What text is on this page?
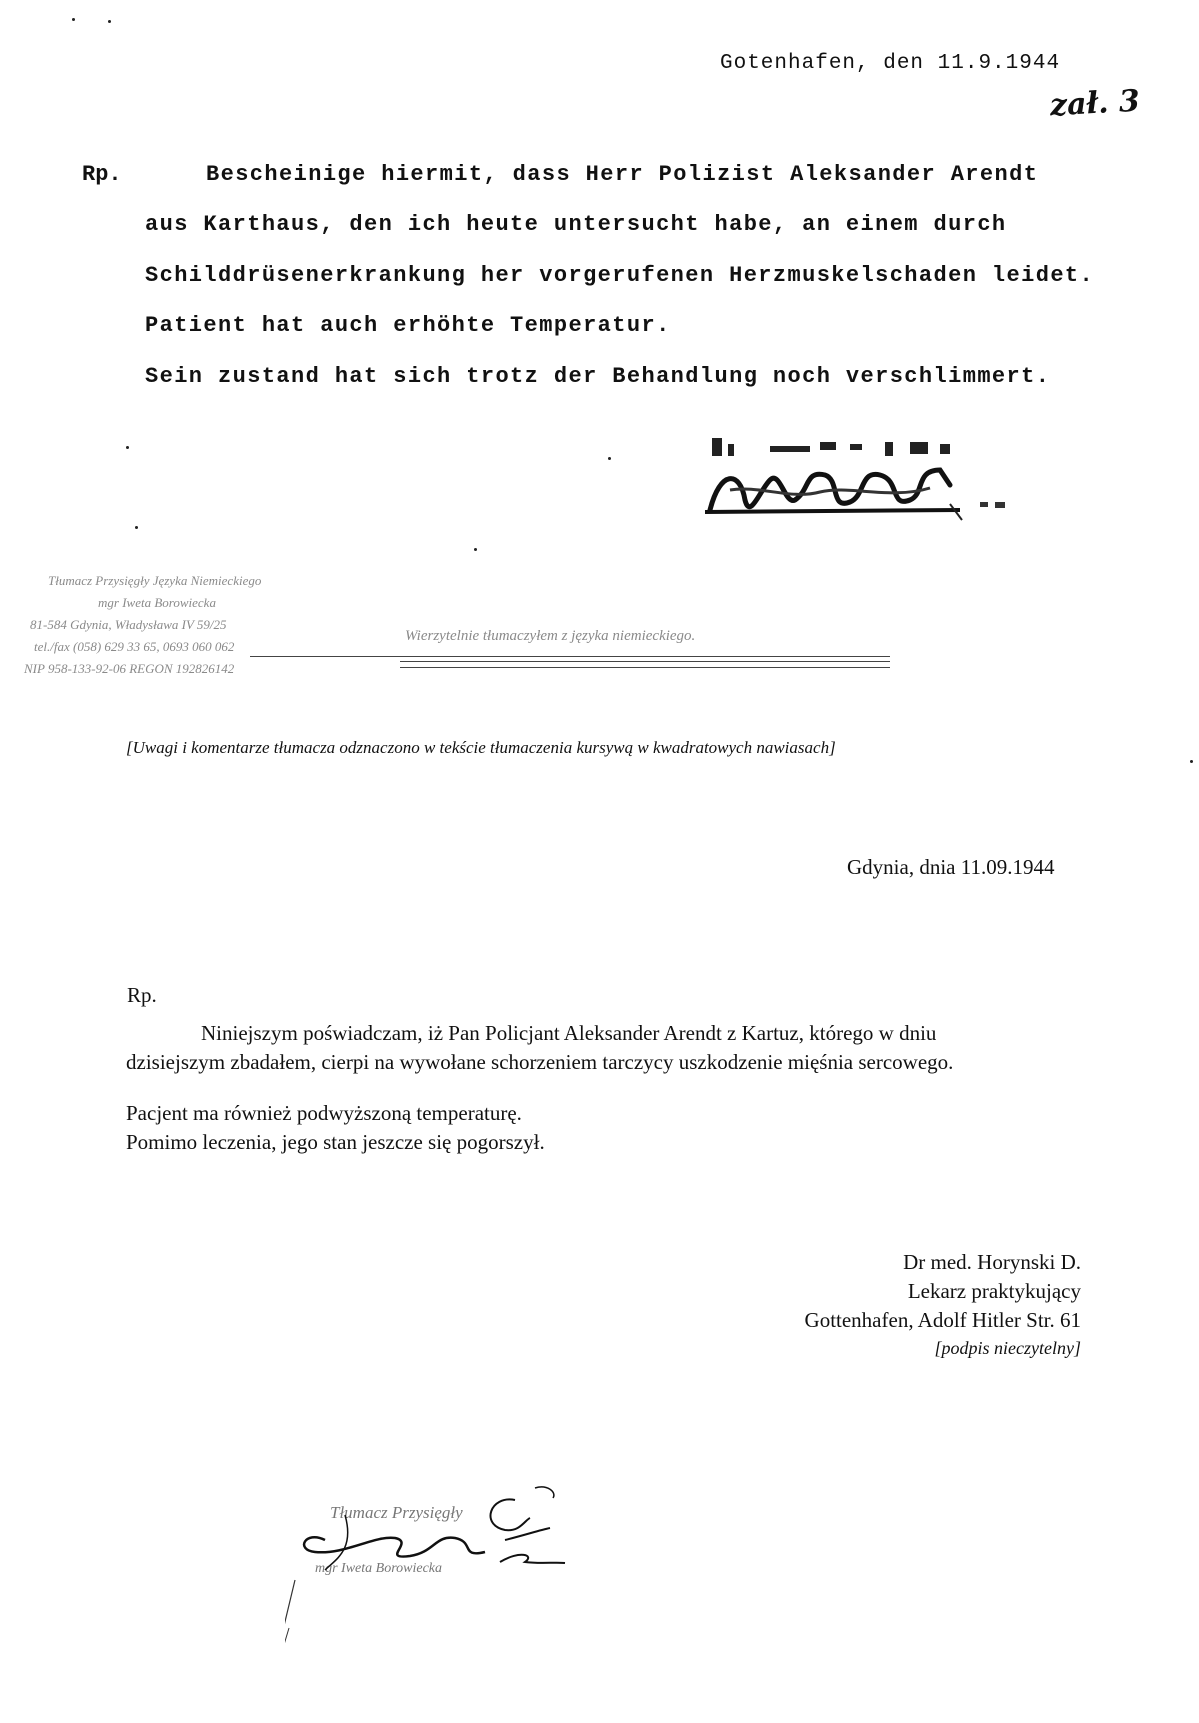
Gotenhafen, den 11.9.1944
zał. 3
Rp.	Bescheinige hiermit, dass Herr Polizist Aleksander Arendt
aus Karthaus, den ich heute untersucht habe, an einem durch
Schilddrüsenerkrankung her vorgerufenen Herzmuskelschaden leidet.
Patient hat auch erhöhte Temperatur.
Sein zustand hat sich trotz der Behandlung noch verschlimmert.
Tłumacz Przysięgły Języka Niemieckiego
mgr Iweta Borowiecka
81-584 Gdynia, Władysława IV 59/25
tel./fax (058) 629 33 65, 0693 060 062
NIP 958-133-92-06 REGON 192826142
Wierzytelnie tłumaczyłem z języka niemieckiego.
[Uwagi i komentarze tłumacza odznaczono w tekście tłumaczenia kursywą w kwadratowych nawiasach]
Gdynia, dnia 11.09.1944
Rp.
Niniejszym poświadczam, iż Pan Policjant Aleksander Arendt z Kartuz, którego w dniu
dzisiejszym zbadałem, cierpi na wywołane schorzeniem tarczycy uszkodzenie mięśnia sercowego.
Pacjent ma również podwyższoną temperaturę.
Pomimo leczenia, jego stan jeszcze się pogorszył.
Dr med. Horynski D.
Lekarz praktykujący
Gottenhafen, Adolf Hitler Str. 61
[podpis nieczytelny]
Tłumacz Przysięgły
mgr Iweta Borowiecka
